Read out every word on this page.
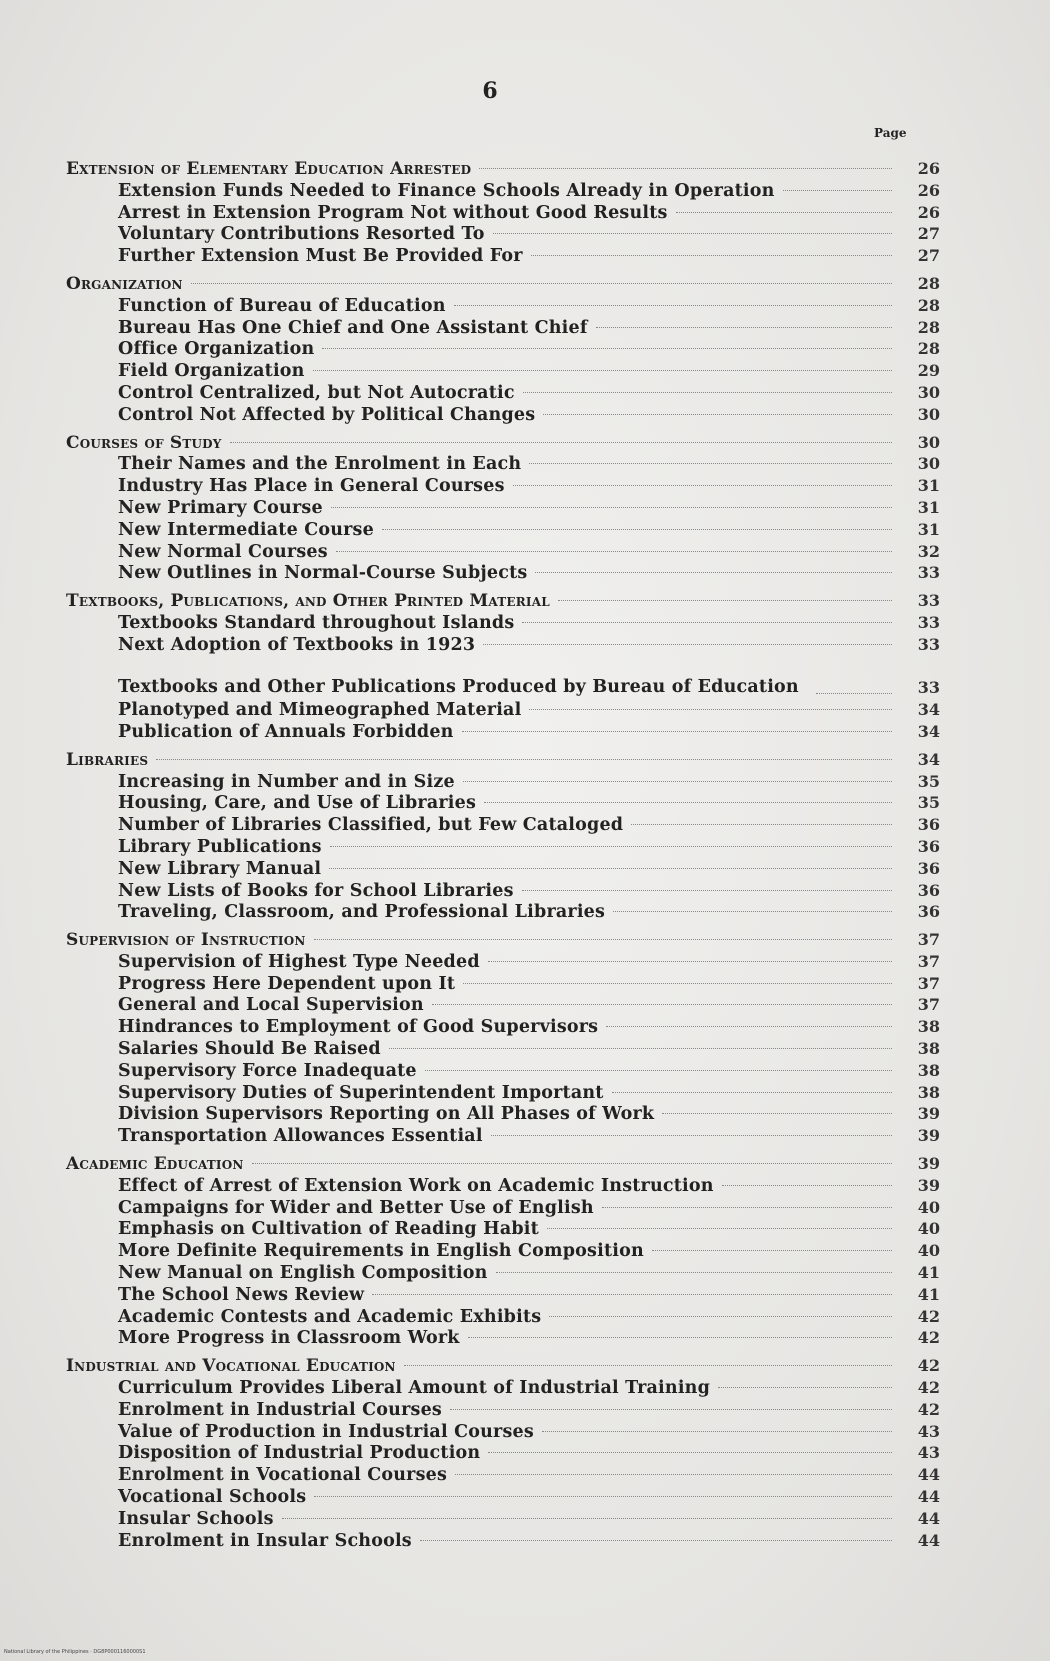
6
Page
Extension of Elementary Education Arrested	26
Extension Funds Needed to Finance Schools Already in Operation	26
Arrest in Extension Program Not without Good Results	26
Voluntary Contributions Resorted To	27
Further Extension Must Be Provided For	27
Organization	28
Function of Bureau of Education	28
Bureau Has One Chief and One Assistant Chief	28
Office Organization	28
Field Organization	29
Control Centralized, but Not Autocratic	30
Control Not Affected by Political Changes	30
Courses of Study	30
Their Names and the Enrolment in Each	30
Industry Has Place in General Courses	31
New Primary Course	31
New Intermediate Course	31
New Normal Courses	32
New Outlines in Normal-Course Subjects	33
Textbooks, Publications, and Other Printed Material	33
Textbooks Standard throughout Islands	33
Next Adoption of Textbooks in 1923	33
Textbooks and Other Publications Produced by Bureau of Education	33
Planotyped and Mimeographed Material	34
Publication of Annuals Forbidden	34
Libraries	34
Increasing in Number and in Size	35
Housing, Care, and Use of Libraries	35
Number of Libraries Classified, but Few Cataloged	36
Library Publications	36
New Library Manual	36
New Lists of Books for School Libraries	36
Traveling, Classroom, and Professional Libraries	36
Supervision of Instruction	37
Supervision of Highest Type Needed	37
Progress Here Dependent upon It	37
General and Local Supervision	37
Hindrances to Employment of Good Supervisors	38
Salaries Should Be Raised	38
Supervisory Force Inadequate	38
Supervisory Duties of Superintendent Important	38
Division Supervisors Reporting on All Phases of Work	39
Transportation Allowances Essential	39
Academic Education	39
Effect of Arrest of Extension Work on Academic Instruction	39
Campaigns for Wider and Better Use of English	40
Emphasis on Cultivation of Reading Habit	40
More Definite Requirements in English Composition	40
New Manual on English Composition	41
The School News Review	41
Academic Contests and Academic Exhibits	42
More Progress in Classroom Work	42
Industrial and Vocational Education	42
Curriculum Provides Liberal Amount of Industrial Training	42
Enrolment in Industrial Courses	42
Value of Production in Industrial Courses	43
Disposition of Industrial Production	43
Enrolment in Vocational Courses	44
Vocational Schools	44
Insular Schools	44
Enrolment in Insular Schools	44
National Library of the Philippines · DG8P0001160000S1
